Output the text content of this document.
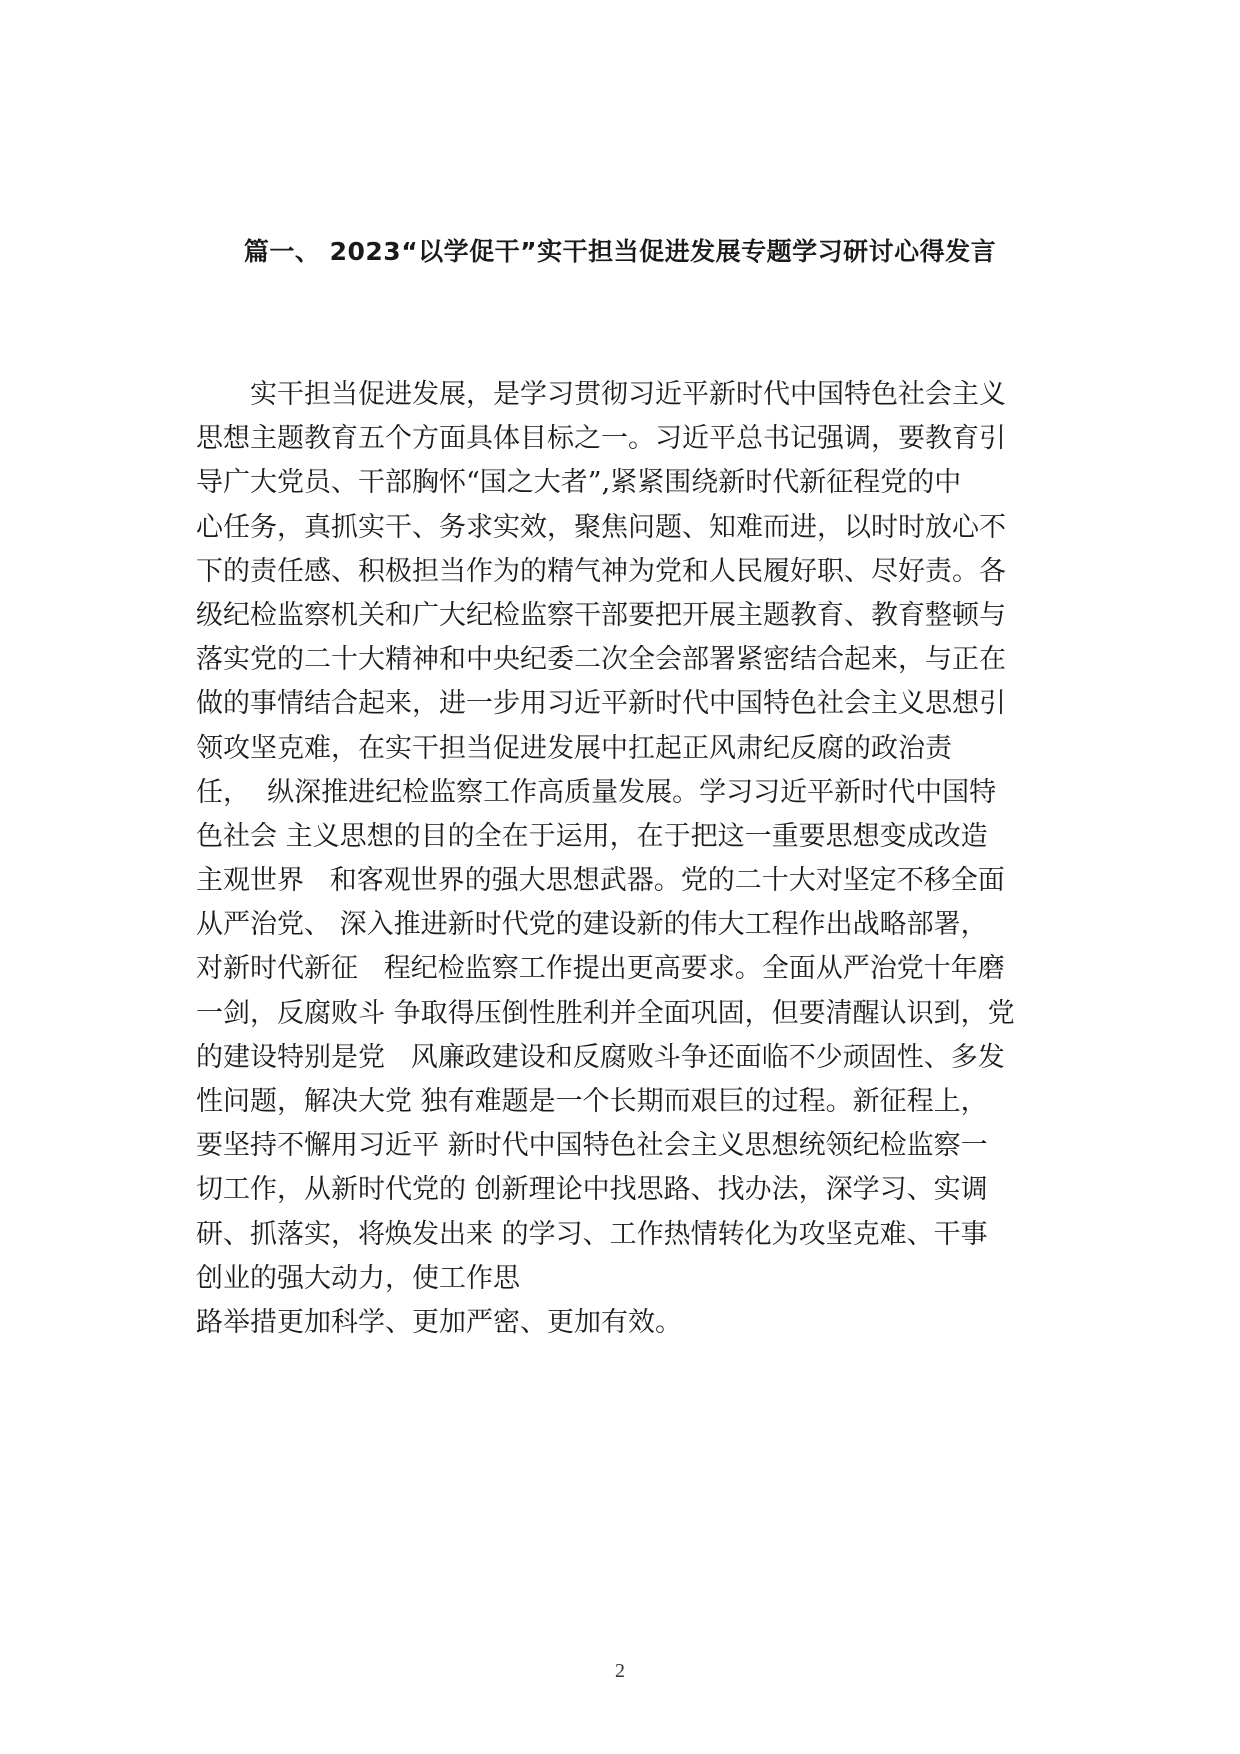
篇一、 2023“以学促干”实干担当促进发展专题学习研讨心得发言
　　实干担当促进发展，是学习贯彻习近平新时代中国特色社会主义
思想主题教育五个方面具体目标之一。习近平总书记强调，要教育引
导广大党员、干部胸怀“国之大者”,紧紧围绕新时代新征程党的中
心任务，真抓实干、务求实效，聚焦问题、知难而进，以时时放心不
下的责任感、积极担当作为的精气神为党和人民履好职、尽好责。各
级纪检监察机关和广大纪检监察干部要把开展主题教育、教育整顿与
落实党的二十大精神和中央纪委二次全会部署紧密结合起来，与正在
做的事情结合起来，进一步用习近平新时代中国特色社会主义思想引
领攻坚克难，在实干担当促进发展中扛起正风肃纪反腐的政治责
任，  纵深推进纪检监察工作高质量发展。学习习近平新时代中国特
色社会 主义思想的目的全在于运用，在于把这一重要思想变成改造
主观世界   和客观世界的强大思想武器。党的二十大对坚定不移全面
从严治党、 深入推进新时代党的建设新的伟大工程作出战略部署，
对新时代新征   程纪检监察工作提出更高要求。全面从严治党十年磨
一剑，反腐败斗 争取得压倒性胜利并全面巩固，但要清醒认识到，党
的建设特别是党   风廉政建设和反腐败斗争还面临不少顽固性、多发
性问题，解决大党 独有难题是一个长期而艰巨的过程。新征程上，
要坚持不懈用习近平 新时代中国特色社会主义思想统领纪检监察一
切工作，从新时代党的 创新理论中找思路、找办法，深学习、实调
研、抓落实，将焕发出来 的学习、工作热情转化为攻坚克难、干事
创业的强大动力，使工作思
路举措更加科学、更加严密、更加有效。
2
